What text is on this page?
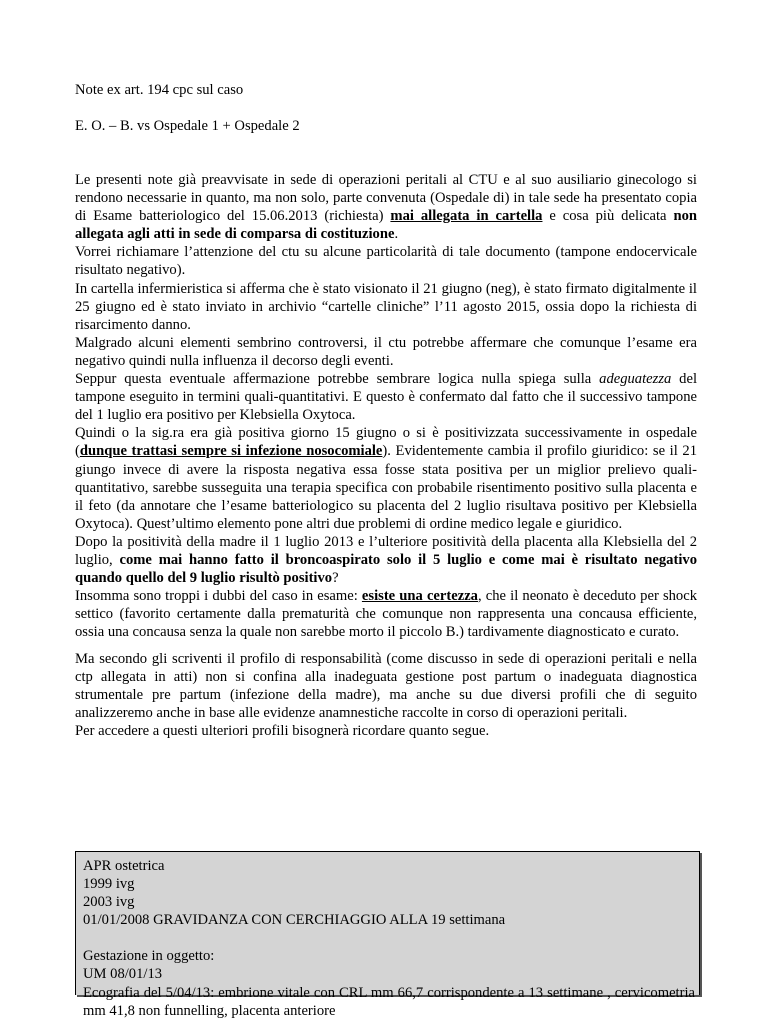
Note ex art. 194 cpc sul caso
E. O. – B. vs Ospedale 1 + Ospedale 2

Le presenti note già preavvisate in sede di operazioni peritali al CTU e al suo ausiliario ginecologo si rendono necessarie in quanto, ma non solo, parte convenuta (Ospedale di) in tale sede ha presentato copia di Esame batteriologico del 15.06.2013 (richiesta) mai allegata in cartella e cosa più delicata non allegata agli atti in sede di comparsa di costituzione.

Vorrei richiamare l’attenzione del ctu su alcune particolarità di tale documento (tampone endocervicale risultato negativo).

In cartella infermieristica si afferma che è stato visionato il 21 giugno (neg), è stato firmato digitalmente il 25 giugno ed è stato inviato in archivio “cartelle cliniche” l’11 agosto 2015, ossia dopo la richiesta di risarcimento danno.

Malgrado alcuni elementi sembrino controversi, il ctu potrebbe affermare che comunque l’esame era negativo quindi nulla influenza il decorso degli eventi.

Seppur questa eventuale affermazione potrebbe sembrare logica nulla spiega sulla adeguatezza del tampone eseguito in termini quali-quantitativi. E questo è confermato dal fatto che il successivo tampone del 1 luglio era positivo per Klebsiella Oxytoca.

Quindi o la sig.ra era già positiva giorno 15 giugno o si è positivizzata successivamente in ospedale (dunque trattasi sempre si infezione nosocomiale). Evidentemente cambia il profilo giuridico: se il 21 giungo invece di avere la risposta negativa essa fosse stata positiva per un miglior prelievo quali-quantitativo, sarebbe susseguita una terapia specifica con probabile risentimento positivo sulla placenta e il feto (da annotare che l’esame batteriologico su placenta del 2 luglio risultava positivo per Klebsiella Oxytoca). Quest’ultimo elemento pone altri due problemi di ordine medico legale e giuridico.

Dopo la positività della madre il 1 luglio 2013 e l’ulteriore positività della placenta alla Klebsiella del 2 luglio, come mai hanno fatto il broncoaspirato solo il 5 luglio e come mai è risultato negativo quando quello del 9 luglio risultò positivo?

Insomma sono troppi i dubbi del caso in esame: esiste una certezza, che il neonato è deceduto per shock settico (favorito certamente dalla prematurità che comunque non rappresenta una concausa efficiente, ossia una concausa senza la quale non sarebbe morto il piccolo B.) tardivamente diagnosticato e curato.

Ma secondo gli scriventi il profilo di responsabilità (come discusso in sede di operazioni peritali e nella ctp allegata in atti) non si confina alla inadeguata gestione post partum o inadeguata diagnostica strumentale pre partum (infezione della madre), ma anche su due diversi profili che di seguito analizzeremo anche in base alle evidenze anamnestiche raccolte in corso di operazioni peritali.

Per accedere a questi ulteriori profili bisognerà ricordare quanto segue.

APR ostetrica
1999 ivg
2003 ivg
01/01/2008 GRAVIDANZA CON CERCHIAGGIO ALLA 19 settimana
Gestazione in oggetto:
UM 08/01/13
Ecografia del 5/04/13: embrione vitale con CRL mm 66,7 corrispondente a 13 settimane , cervicometria mm 41,8 non funnelling, placenta anteriore
